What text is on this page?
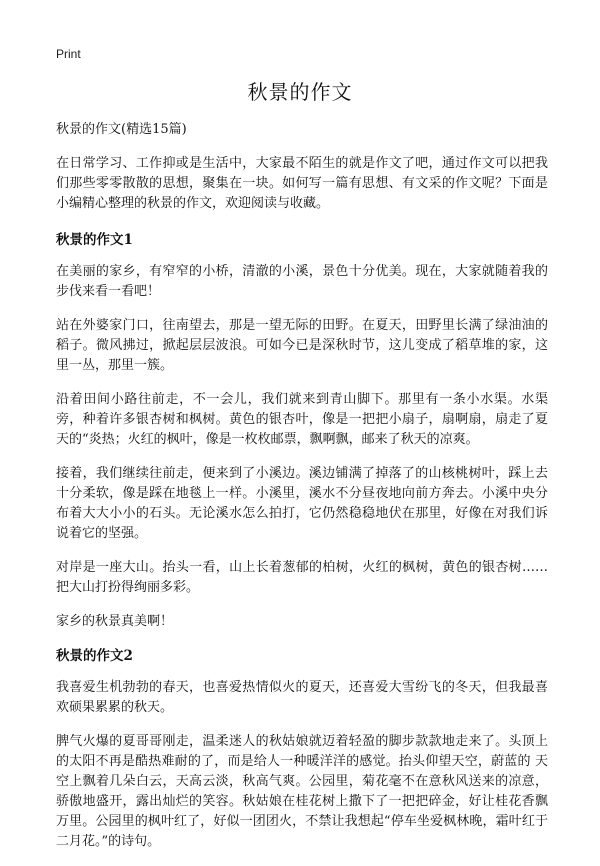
Print
秋景的作文

秋景的作文(精选15篇)

在日常学习、工作抑或是生活中，大家最不陌生的就是作文了吧，通过作文可以把我们那些零零散散的思想，聚集在一块。如何写一篇有思想、有文采的作文呢？下面是小编精心整理的秋景的作文，欢迎阅读与收藏。

秋景的作文1

在美丽的家乡，有窄窄的小桥，清澈的小溪，景色十分优美。现在，大家就随着我的步伐来看一看吧！

站在外婆家门口，往南望去，那是一望无际的田野。在夏天，田野里长满了绿油油的稻子。微风拂过，掀起层层波浪。可如今已是深秋时节，这儿变成了稻草堆的家，这里一丛，那里一簇。

沿着田间小路往前走，不一会儿，我们就来到青山脚下。那里有一条小水渠。水渠旁，种着许多银杏树和枫树。黄色的银杏叶，像是一把把小扇子，扇啊扇，扇走了夏天的“炎热；火红的枫叶，像是一枚枚邮票，飘啊飘，邮来了秋天的凉爽。

接着，我们继续往前走，便来到了小溪边。溪边铺满了掉落了的山核桃树叶，踩上去十分柔软，像是踩在地毯上一样。小溪里，溪水不分昼夜地向前方奔去。小溪中央分布着大大小小的石头。无论溪水怎么拍打，它仍然稳稳地伏在那里，好像在对我们诉说着它的坚强。

对岸是一座大山。抬头一看，山上长着葱郁的柏树，火红的枫树，黄色的银杏树……把大山打扮得绚丽多彩。

家乡的秋景真美啊！

秋景的作文2

我喜爱生机勃勃的春天，也喜爱热情似火的夏天，还喜爱大雪纷飞的冬天，但我最喜欢硕果累累的秋天。

脾气火爆的夏哥哥刚走，温柔迷人的秋姑娘就迈着轻盈的脚步款款地走来了。头顶上的太阳不再是酷热难耐的了，而是给人一种暖洋洋的感觉。抬头仰望天空，蔚蓝的 天空上飘着几朵白云，天高云淡，秋高气爽。公园里，菊花毫不在意秋风送来的凉意，骄傲地盛开，露出灿烂的笑容。秋姑娘在桂花树上撒下了一把把碎金，好让桂花香飘万里。公园里的枫叶红了，好似一团团火，不禁让我想起“停车坐爱枫林晚，霜叶红于二月花。”的诗句。
